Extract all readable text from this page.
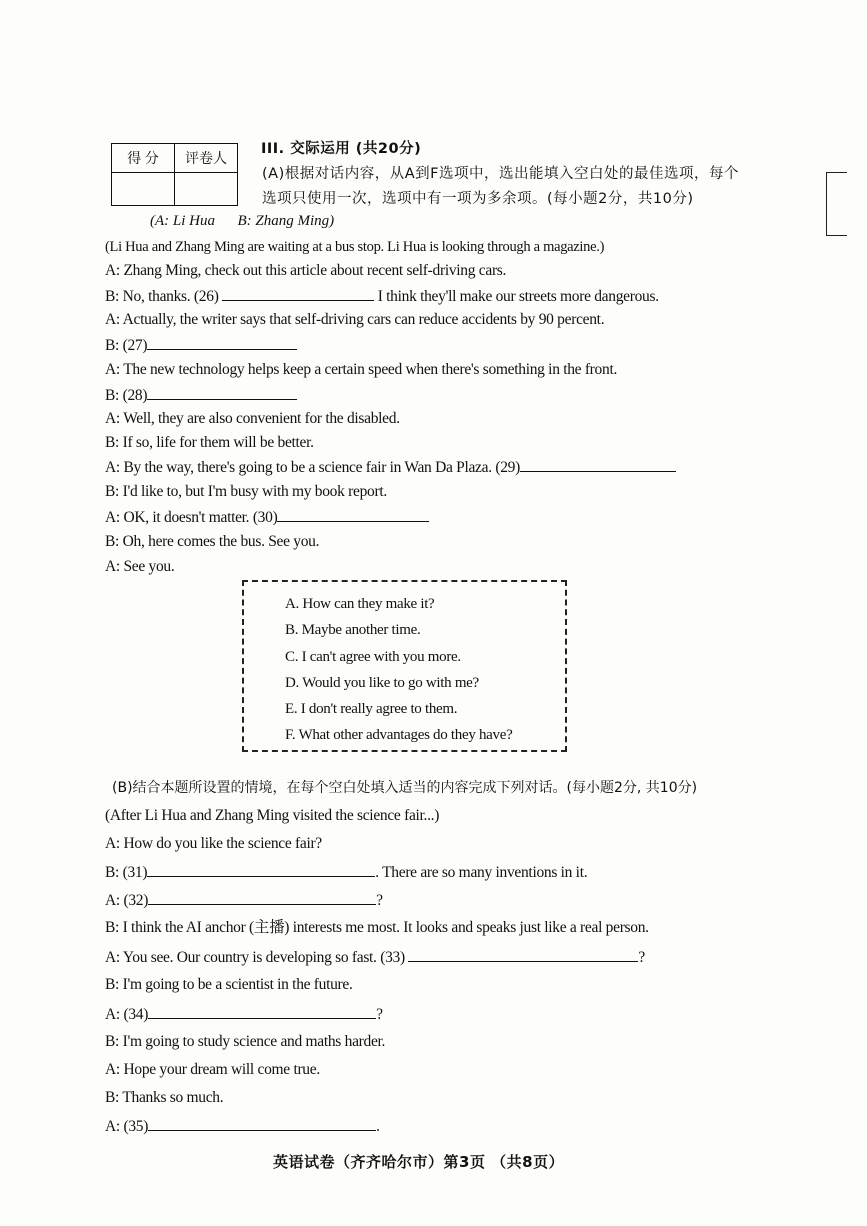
得 分	评卷人

III. 交际运用 (共20分)
(A)根据对话内容，从A到F选项中，选出能填入空白处的最佳选项，每个
选项只使用一次，选项中有一项为多余项。(每小题2分，共10分)
(A: Li Hua      B: Zhang Ming)
(Li Hua and Zhang Ming are waiting at a bus stop. Li Hua is looking through a magazine.)
A: Zhang Ming, check out this article about recent self-driving cars.
B: No, thanks. (26)	I think they'll make our streets more dangerous.
A: Actually, the writer says that self-driving cars can reduce accidents by 90 percent.
B: (27)
A: The new technology helps keep a certain speed when there's something in the front.
B: (28)
A: Well, they are also convenient for the disabled.
B: If so, life for them will be better.
A: By the way, there's going to be a science fair in Wan Da Plaza. (29)
B: I'd like to, but I'm busy with my book report.
A: OK, it doesn't matter. (30)
B: Oh, here comes the bus. See you.
A: See you.
A. How can they make it?
B. Maybe another time.
C. I can't agree with you more.
D. Would you like to go with me?
E. I don't really agree to them.
F. What other advantages do they have?
(B)结合本题所设置的情境，在每个空白处填入适当的内容完成下列对话。(每小题2分, 共10分)
(After Li Hua and Zhang Ming visited the science fair...)
A: How do you like the science fair?
B: (31)	. There are so many inventions in it.
A: (32)	?
B: I think the AI anchor (主播) interests me most. It looks and speaks just like a real person.
A: You see. Our country is developing so fast. (33)	?
B: I'm going to be a scientist in the future.
A: (34)	?
B: I'm going to study science and maths harder.
A: Hope your dream will come true.
B: Thanks so much.
A: (35)	.
英语试卷（齐齐哈尔市）第3页 （共8页）
